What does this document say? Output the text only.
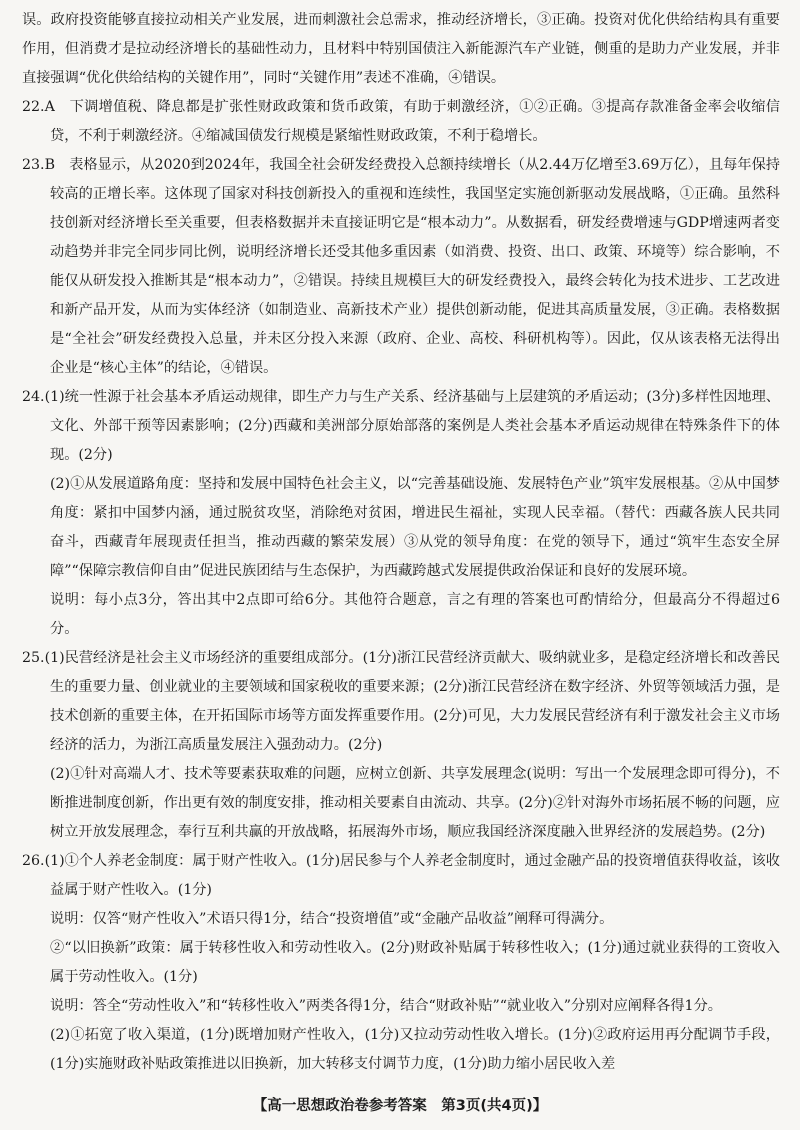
误。政府投资能够直接拉动相关产业发展，进而刺激社会总需求，推动经济增长，③正确。投资对优化供给结构具有重要作用，但消费才是拉动经济增长的基础性动力，且材料中特别国债注入新能源汽车产业链，侧重的是助力产业发展，并非直接强调“优化供给结构的关键作用”，同时“关键作用”表述不准确，④错误。

22.A　下调增值税、降息都是扩张性财政政策和货币政策，有助于刺激经济，①②正确。③提高存款准备金率会收缩信贷，不利于刺激经济。④缩减国债发行规模是紧缩性财政政策，不利于稳增长。

23.B　表格显示，从2020到2024年，我国全社会研发经费投入总额持续增长（从2.44万亿增至3.69万亿），且每年保持较高的正增长率。这体现了国家对科技创新投入的重视和连续性，我国坚定实施创新驱动发展战略，①正确。虽然科技创新对经济增长至关重要，但表格数据并未直接证明它是“根本动力”。从数据看，研发经费增速与GDP增速两者变动趋势并非完全同步同比例，说明经济增长还受其他多重因素（如消费、投资、出口、政策、环境等）综合影响，不能仅从研发投入推断其是“根本动力”，②错误。持续且规模巨大的研发经费投入，最终会转化为技术进步、工艺改进和新产品开发，从而为实体经济（如制造业、高新技术产业）提供创新动能，促进其高质量发展，③正确。表格数据是“全社会”研发经费投入总量，并未区分投入来源（政府、企业、高校、科研机构等）。因此，仅从该表格无法得出企业是“核心主体”的结论，④错误。

24.(1)统一性源于社会基本矛盾运动规律，即生产力与生产关系、经济基础与上层建筑的矛盾运动；(3分)多样性因地理、文化、外部干预等因素影响；(2分)西藏和美洲部分原始部落的案例是人类社会基本矛盾运动规律在特殊条件下的体现。(2分)

(2)①从发展道路角度：坚持和发展中国特色社会主义，以“完善基础设施、发展特色产业”筑牢发展根基。②从中国梦角度：紧扣中国梦内涵，通过脱贫攻坚，消除绝对贫困，增进民生福祉，实现人民幸福。（替代：西藏各族人民共同奋斗，西藏青年展现责任担当，推动西藏的繁荣发展）③从党的领导角度：在党的领导下，通过“筑牢生态安全屏障”“保障宗教信仰自由”促进民族团结与生态保护，为西藏跨越式发展提供政治保证和良好的发展环境。

说明：每小点3分，答出其中2点即可给6分。其他符合题意，言之有理的答案也可酌情给分，但最高分不得超过6分。

25.(1)民营经济是社会主义市场经济的重要组成部分。(1分)浙江民营经济贡献大、吸纳就业多，是稳定经济增长和改善民生的重要力量、创业就业的主要领域和国家税收的重要来源；(2分)浙江民营经济在数字经济、外贸等领域活力强，是技术创新的重要主体，在开拓国际市场等方面发挥重要作用。(2分)可见，大力发展民营经济有利于激发社会主义市场经济的活力，为浙江高质量发展注入强劲动力。(2分)

(2)①针对高端人才、技术等要素获取难的问题，应树立创新、共享发展理念(说明：写出一个发展理念即可得分)，不断推进制度创新，作出更有效的制度安排，推动相关要素自由流动、共享。(2分)②针对海外市场拓展不畅的问题，应树立开放发展理念，奉行互利共赢的开放战略，拓展海外市场，顺应我国经济深度融入世界经济的发展趋势。(2分)

26.(1)①个人养老金制度：属于财产性收入。(1分)居民参与个人养老金制度时，通过金融产品的投资增值获得收益，该收益属于财产性收入。(1分)

说明：仅答“财产性收入”术语只得1分，结合“投资增值”或“金融产品收益”阐释可得满分。

②“以旧换新”政策：属于转移性收入和劳动性收入。(2分)财政补贴属于转移性收入；(1分)通过就业获得的工资收入属于劳动性收入。(1分)

说明：答全“劳动性收入”和“转移性收入”两类各得1分，结合“财政补贴”“就业收入”分别对应阐释各得1分。

(2)①拓宽了收入渠道，(1分)既增加财产性收入，(1分)又拉动劳动性收入增长。(1分)②政府运用再分配调节手段，(1分)实施财政补贴政策推进以旧换新，加大转移支付调节力度，(1分)助力缩小居民收入差

【高一思想政治卷参考答案　第3页(共4页)】
